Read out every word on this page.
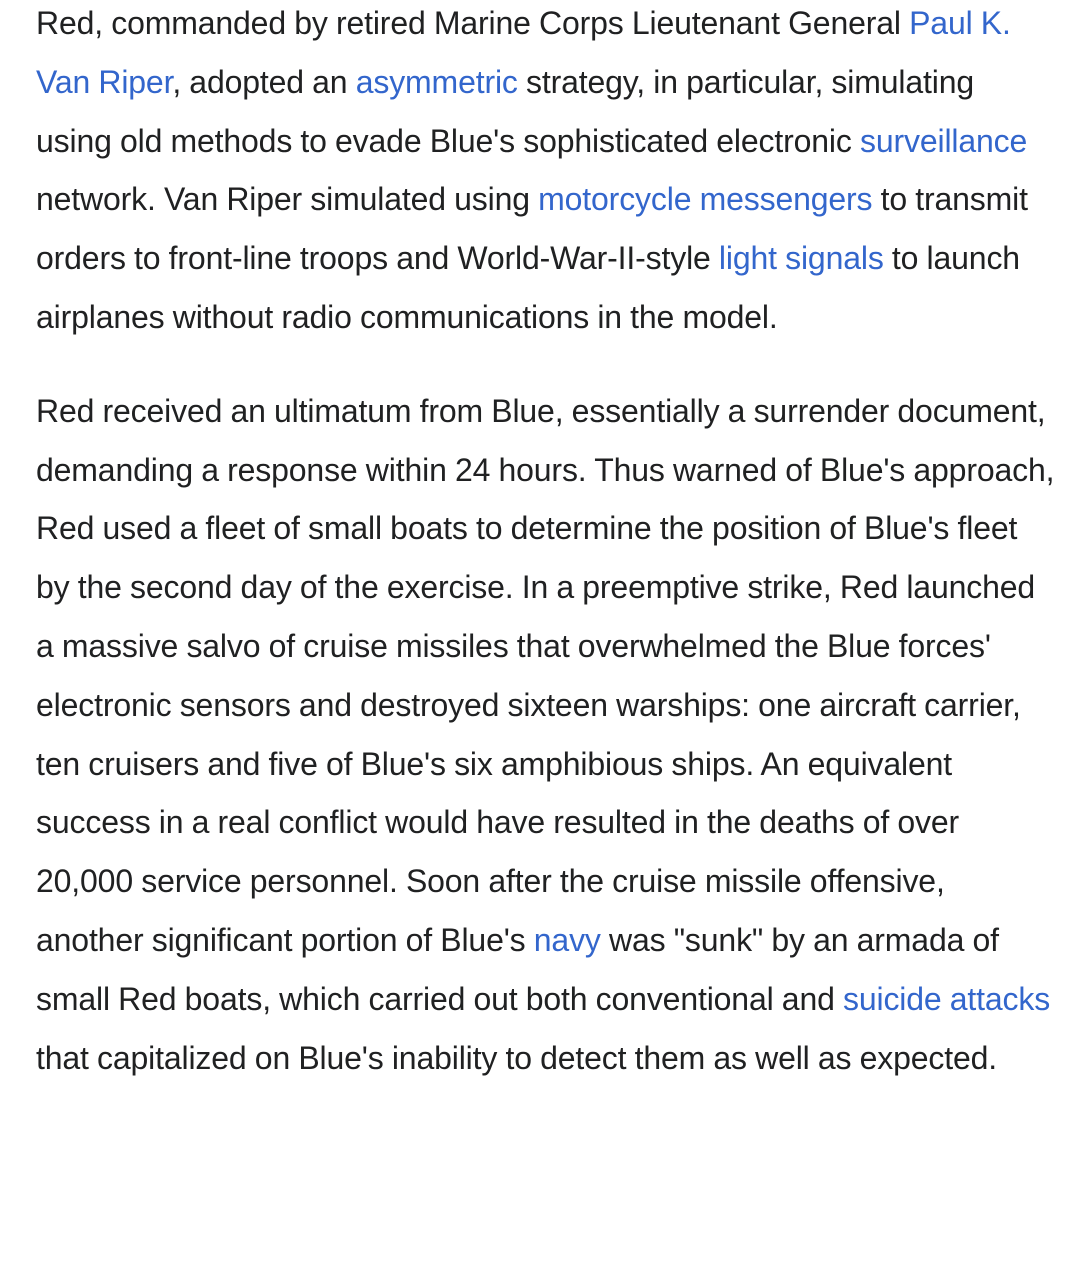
Red, commanded by retired Marine Corps Lieutenant General Paul K. Van Riper, adopted an asymmetric strategy, in particular, simulating using old methods to evade Blue's sophisticated electronic surveillance network. Van Riper simulated using motorcycle messengers to transmit orders to front-line troops and World-War-II-style light signals to launch airplanes without radio communications in the model.

Red received an ultimatum from Blue, essentially a surrender document, demanding a response within 24 hours. Thus warned of Blue's approach, Red used a fleet of small boats to determine the position of Blue's fleet by the second day of the exercise. In a preemptive strike, Red launched a massive salvo of cruise missiles that overwhelmed the Blue forces' electronic sensors and destroyed sixteen warships: one aircraft carrier, ten cruisers and five of Blue's six amphibious ships. An equivalent success in a real conflict would have resulted in the deaths of over 20,000 service personnel. Soon after the cruise missile offensive, another significant portion of Blue's navy was "sunk" by an armada of small Red boats, which carried out both conventional and suicide attacks that capitalized on Blue's inability to detect them as well as expected.
